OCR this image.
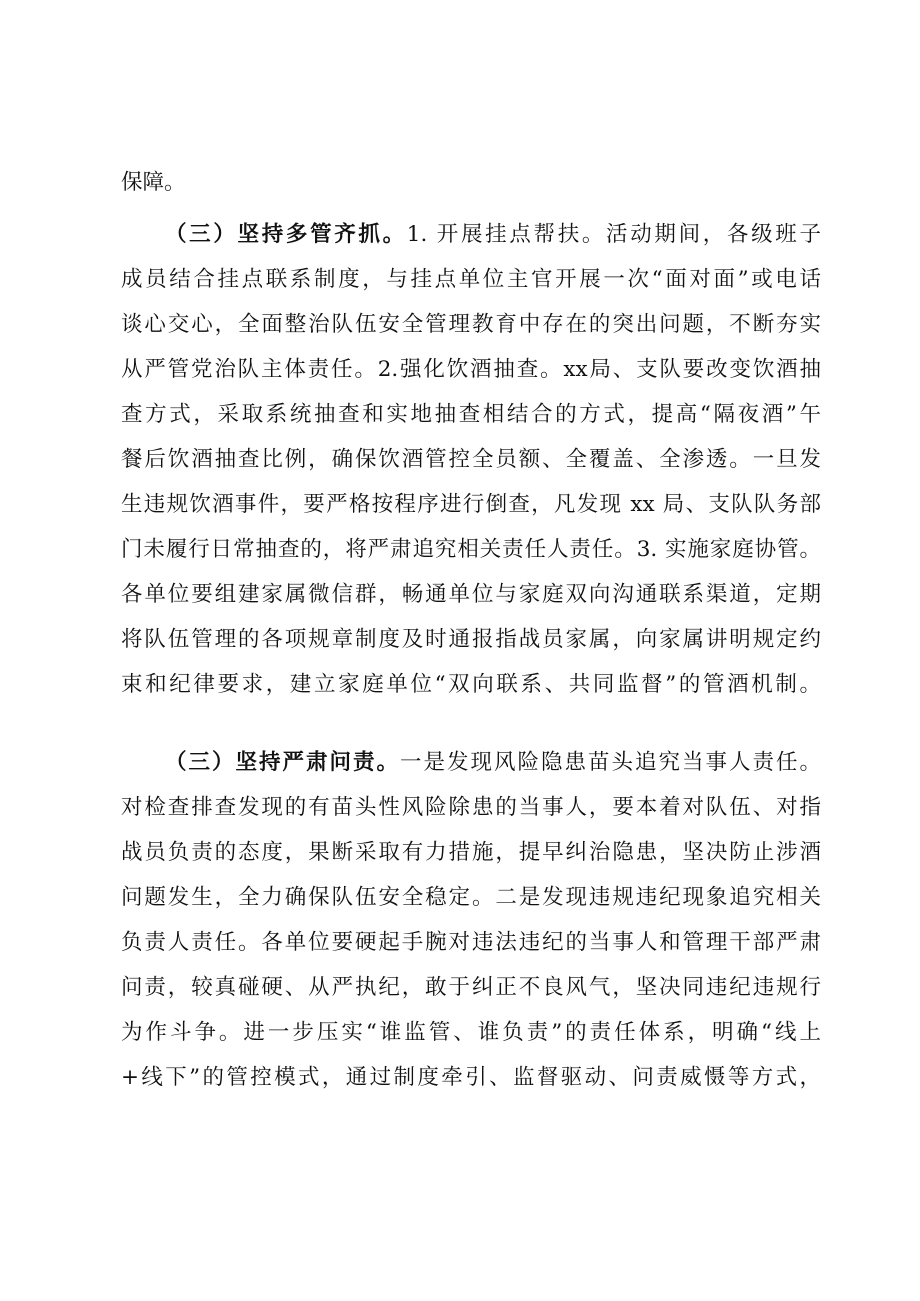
保障。
（三）坚持多管齐抓。1. 开展挂点帮扶。活动期间，各级班子
成员结合挂点联系制度，与挂点单位主官开展一次“面对面”或电话
谈心交心，全面整治队伍安全管理教育中存在的突出问题，不断夯实
从严管党治队主体责任。2.强化饮酒抽查。xx局、支队要改变饮酒抽
查方式，采取系统抽查和实地抽查相结合的方式，提高“隔夜酒”午
餐后饮酒抽查比例，确保饮酒管控全员额、全覆盖、全渗透。一旦发
生违规饮酒事件，要严格按程序进行倒查，凡发现 xx 局、支队队务部
门未履行日常抽查的，将严肃追究相关责任人责任。3. 实施家庭协管。
各单位要组建家属微信群，畅通单位与家庭双向沟通联系渠道，定期
将队伍管理的各项规章制度及时通报指战员家属，向家属讲明规定约
束和纪律要求，建立家庭单位“双向联系、共同监督”的管酒机制。
（三）坚持严肃问责。一是发现风险隐患苗头追究当事人责任。
对检查排查发现的有苗头性风险除患的当事人，要本着对队伍、对指
战员负责的态度，果断采取有力措施，提早纠治隐患，坚决防止涉酒
问题发生，全力确保队伍安全稳定。二是发现违规违纪现象追究相关
负责人责任。各单位要硬起手腕对违法违纪的当事人和管理干部严肃
问责，较真碰硬、从严执纪，敢于纠正不良风气，坚决同违纪违规行
为作斗争。进一步压实“谁监管、谁负责”的责任体系，明确“线上
+线下”的管控模式，通过制度牵引、监督驱动、问责威慑等方式，
